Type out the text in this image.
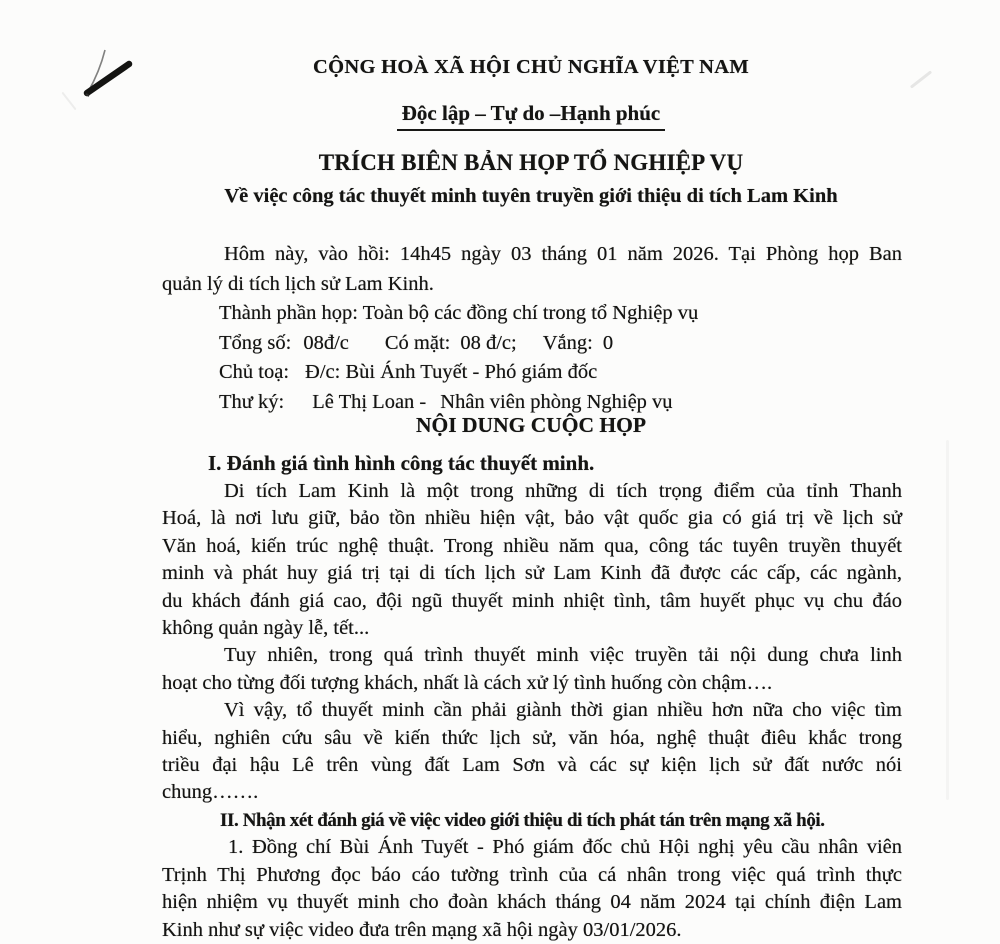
CỘNG HOÀ XÃ HỘI CHỦ NGHĨA VIỆT NAM

Độc lập – Tự do –Hạnh phúc
TRÍCH BIÊN BẢN HỌP TỔ NGHIỆP VỤ
Về việc công tác thuyết minh tuyên truyền giới thiệu di tích Lam Kinh
Hôm này, vào hồi: 14h45 ngày 03 tháng 01 năm 2026. Tại Phòng họp Ban
quản lý di tích lịch sử Lam Kinh.
Thành phần họp: Toàn bộ các đồng chí trong tổ Nghiệp vụ
Tổng số: 08đ/c Có mặt: 08 đ/c; Vắng: 0
Chủ toạ: Đ/c: Bùi Ánh Tuyết - Phó giám đốc
Thư ký: Lê Thị Loan - Nhân viên phòng Nghiệp vụ
NỘI DUNG CUỘC HỌP
I. Đánh giá tình hình công tác thuyết minh.
Di tích Lam Kinh là một trong những di tích trọng điểm của tỉnh Thanh
Hoá, là nơi lưu giữ, bảo tồn nhiều hiện vật, bảo vật quốc gia có giá trị về lịch sử
Văn hoá, kiến trúc nghệ thuật. Trong nhiều năm qua, công tác tuyên truyền thuyết
minh và phát huy giá trị tại di tích lịch sử Lam Kinh đã được các cấp, các ngành,
du khách đánh giá cao, đội ngũ thuyết minh nhiệt tình, tâm huyết phục vụ chu đáo
không quản ngày lễ, tết...
Tuy nhiên, trong quá trình thuyết minh việc truyền tải nội dung chưa linh
hoạt cho từng đối tượng khách, nhất là cách xử lý tình huống còn chậm….
Vì vậy, tổ thuyết minh cần phải giành thời gian nhiều hơn nữa cho việc tìm
hiểu, nghiên cứu sâu về kiến thức lịch sử, văn hóa, nghệ thuật điêu khắc trong
triều đại hậu Lê trên vùng đất Lam Sơn và các sự kiện lịch sử đất nước nói
chung…….
II. Nhận xét đánh giá về việc video giới thiệu di tích phát tán trên mạng xã hội.
1. Đồng chí Bùi Ánh Tuyết - Phó giám đốc chủ Hội nghị yêu cầu nhân viên
Trịnh Thị Phương đọc báo cáo tường trình của cá nhân trong việc quá trình thực
hiện nhiệm vụ thuyết minh cho đoàn khách tháng 04 năm 2024 tại chính điện Lam
Kinh như sự việc video đưa trên mạng xã hội ngày 03/01/2026.
